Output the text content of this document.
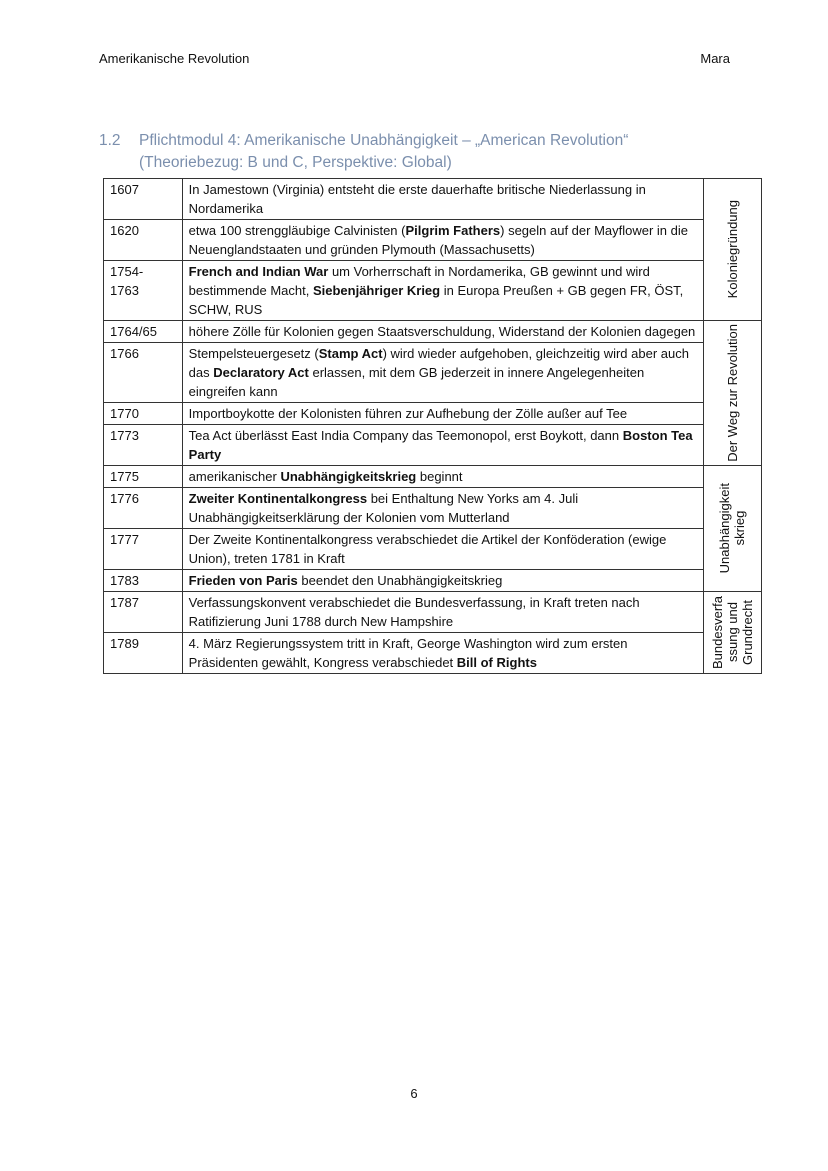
Amerikanische Revolution	Mara
1.2 Pflichtmodul 4: Amerikanische Unabhängigkeit – „American Revolution“
(Theoriebezug: B und C, Perspektive: Global)
1607	In Jamestown (Virginia) entsteht die erste dauerhafte britische Niederlassung in Nordamerika	Koloniegründung

1620	etwa 100 strenggläubige Calvinisten (Pilgrim Fathers) segeln auf der Mayflower in die Neuenglandstaaten und gründen Plymouth (Massachusetts)	
1754-
1763	French and Indian War um Vorherrschaft in Nordamerika, GB gewinnt und wird bestimmende Macht, Siebenjähriger Krieg in Europa Preußen + GB gegen FR, ÖST, SCHW, RUS	
1764/65	höhere Zölle für Kolonien gegen Staatsverschuldung, Widerstand der Kolonien dagegen	Der Weg zur Revolution

1766	Stempelsteuergesetz (Stamp Act) wird wieder aufgehoben, gleichzeitig wird aber auch das Declaratory Act erlassen, mit dem GB jederzeit in innere Angelegenheiten eingreifen kann	
1770	Importboykotte der Kolonisten führen zur Aufhebung der Zölle außer auf Tee	
1773	Tea Act überlässt East India Company das Teemonopol, erst Boykott, dann Boston Tea Party	
1775	amerikanischer Unabhängigkeitskrieg beginnt	Unabhängigkeit
skrieg

1776	Zweiter Kontinentalkongress bei Enthaltung New Yorks am 4. Juli Unabhängigkeitserklärung der Kolonien vom Mutterland	
1777	Der Zweite Kontinentalkongress verabschiedet die Artikel der Konföderation (ewige Union), treten 1781 in Kraft	
1783	Frieden von Paris beendet den Unabhängigkeitskrieg	
1787	Verfassungskonvent verabschiedet die Bundesverfassung, in Kraft treten nach Ratifizierung Juni 1788 durch New Hampshire	Bundesverfa
ssung und
Grundrecht

1789	4. März Regierungssystem tritt in Kraft, George Washington wird zum ersten Präsidenten gewählt, Kongress verabschiedet Bill of Rights	
6
